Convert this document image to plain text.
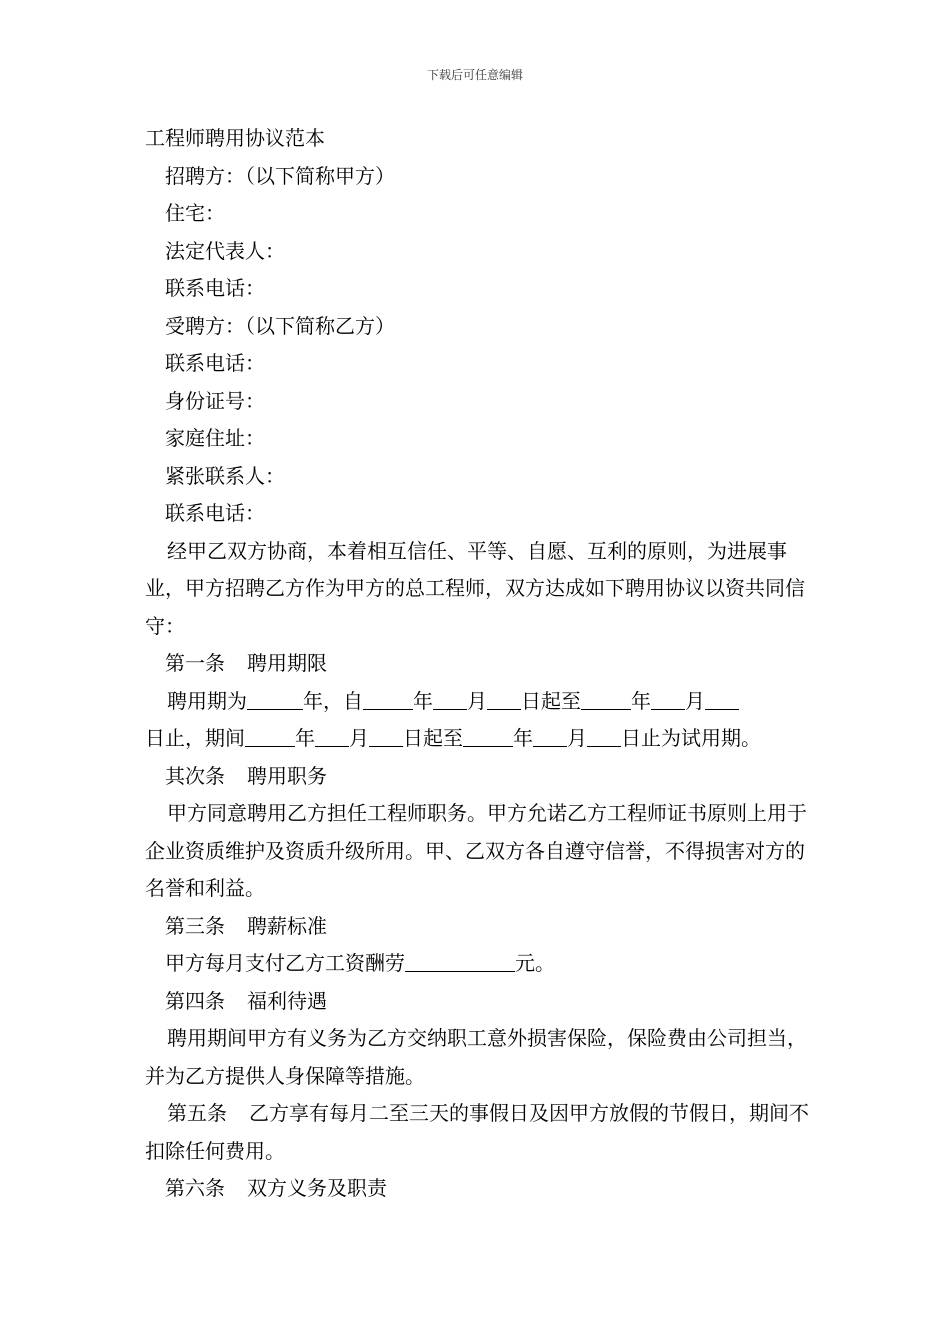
下载后可任意编辑

工程师聘用协议范本

招聘方：（以下简称甲方）

住宅：

法定代表人：

联系电话：

受聘方：（以下简称乙方）

联系电话：

身份证号：

家庭住址：

紧张联系人：

联系电话：

经甲乙双方协商，本着相互信任、平等、自愿、互利的原则，为进展事业，甲方招聘乙方作为甲方的总工程师，双方达成如下聘用协议以资共同信守：

第一条 聘用期限

聘用期为	年，自	年 月 日起至	年 月

日止，期间	年 月 日起至	年 月 日止为试用期。

其次条 聘用职务

甲方同意聘用乙方担任工程师职务。甲方允诺乙方工程师证书原则上用于企业资质维护及资质升级所用。甲、乙双方各自遵守信誉，不得损害对方的名誉和利益。

第三条 聘薪标准

甲方每月支付乙方工资酬劳	元。

第四条 福利待遇

聘用期间甲方有义务为乙方交纳职工意外损害保险，保险费由公司担当，并为乙方提供人身保障等措施。

第五条 乙方享有每月二至三天的事假日及因甲方放假的节假日，期间不扣除任何费用。

第六条 双方义务及职责
